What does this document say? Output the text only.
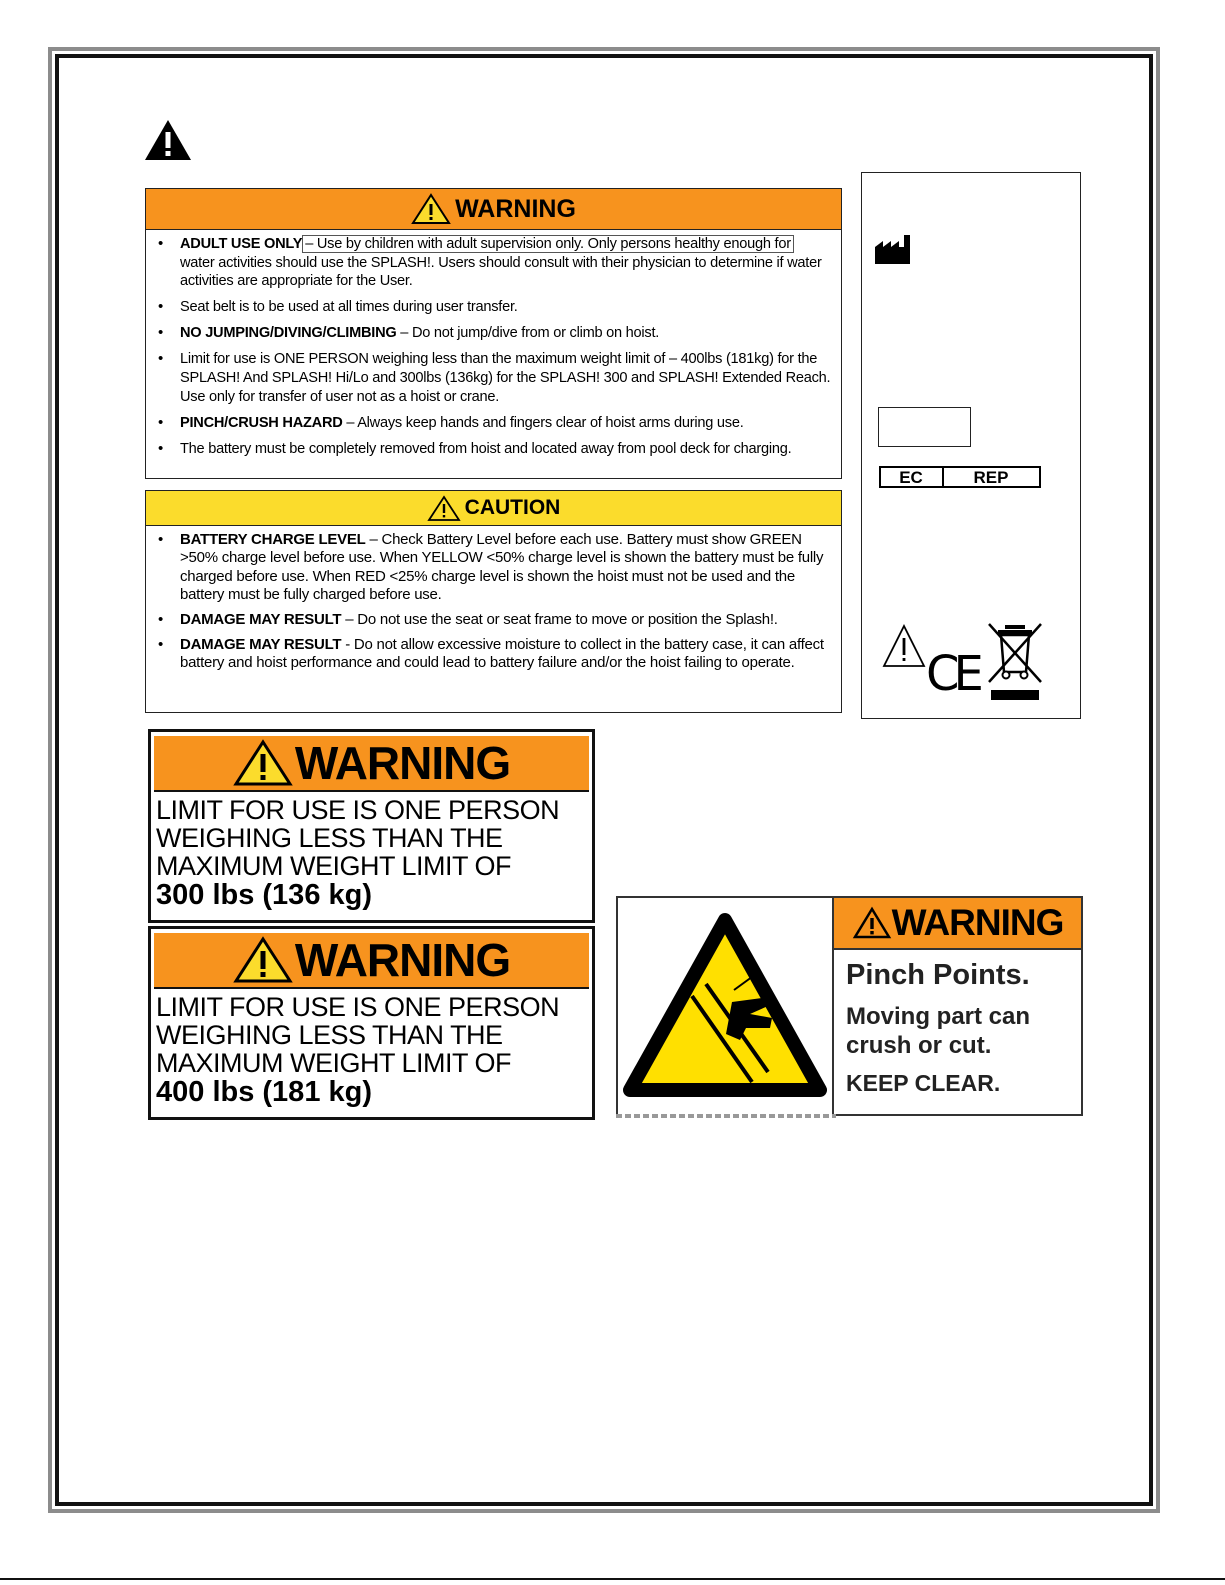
WARNING
• ADULT USE ONLY – Use by children with adult supervision only. Only persons healthy enough for water activities should use the SPLASH!. Users should consult with their physician to determine if water activities are appropriate for the User.
• Seat belt is to be used at all times during user transfer.
• NO JUMPING/DIVING/CLIMBING – Do not jump/dive from or climb on hoist.
• Limit for use is ONE PERSON weighing less than the maximum weight limit of – 400lbs (181kg) for the SPLASH! And SPLASH! Hi/Lo and 300lbs (136kg) for the SPLASH! 300 and SPLASH! Extended Reach. Use only for transfer of user not as a hoist or crane.
• PINCH/CRUSH HAZARD – Always keep hands and fingers clear of hoist arms during use.
• The battery must be completely removed from hoist and located away from pool deck for charging.
CAUTION
• BATTERY CHARGE LEVEL – Check Battery Level before each use. Battery must show GREEN >50% charge level before use. When YELLOW <50% charge level is shown the battery must be fully charged before use. When RED <25% charge level is shown the hoist must not be used and the battery must be fully charged before use.
• DAMAGE MAY RESULT – Do not use the seat or seat frame to move or position the Splash!.
• DAMAGE MAY RESULT - Do not allow excessive moisture to collect in the battery case, it can affect battery and hoist performance and could lead to battery failure and/or the hoist failing to operate.
EC	REP
CE
WARNING
LIMIT FOR USE IS ONE PERSON
WEIGHING LESS THAN THE
MAXIMUM WEIGHT LIMIT OF
300 lbs (136 kg)
WARNING
LIMIT FOR USE IS ONE PERSON
WEIGHING LESS THAN THE
MAXIMUM WEIGHT LIMIT OF
400 lbs (181 kg)
WARNING
Pinch Points.
Moving part can
crush or cut.
KEEP CLEAR.
